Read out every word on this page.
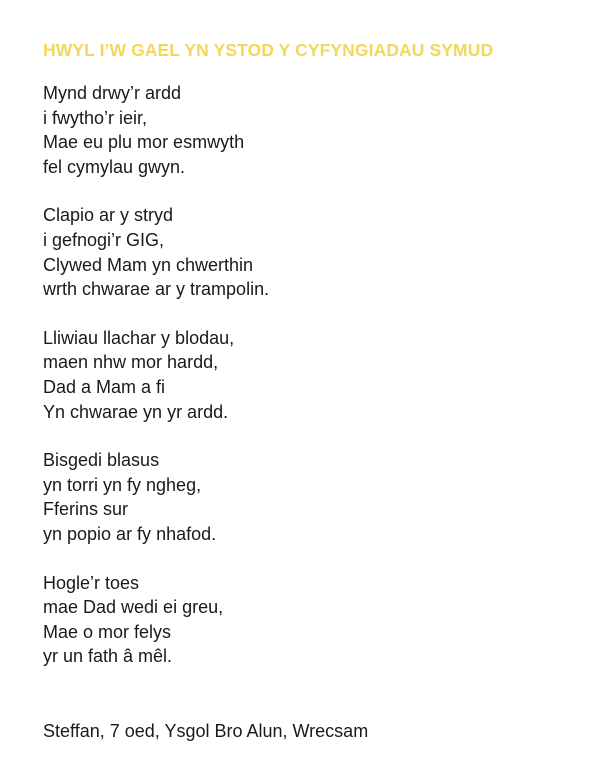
HWYL I’W GAEL YN YSTOD Y CYFYNGIADAU SYMUD
Mynd drwy’r ardd
i fwytho’r ieir,
Mae eu plu mor esmwyth
fel cymylau gwyn.
Clapio ar y stryd
i gefnogi’r GIG,
Clywed Mam yn chwerthin
wrth chwarae ar y trampolin.
Lliwiau llachar y blodau,
maen nhw mor hardd,
Dad a Mam a fi
Yn chwarae yn yr ardd.
Bisgedi blasus
yn torri yn fy ngheg,
Fferins sur
yn popio ar fy nhafod.
Hogle’r toes
mae Dad wedi ei greu,
Mae o mor felys
yr un fath â mêl.
Steffan, 7 oed, Ysgol Bro Alun, Wrecsam
